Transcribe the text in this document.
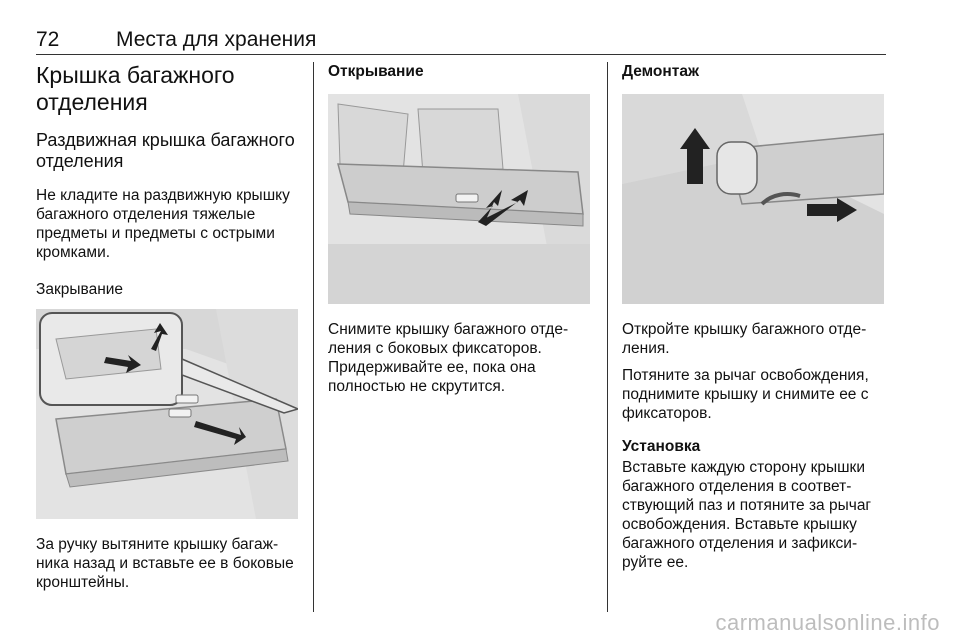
72	Места для хранения
Крышка багажного отделения
Раздвижная крышка багажного отделения

Не кладите на раздвижную крышку багажного отделения тяжелые предметы и предметы с острыми кромками.

Закрывание

За ручку вытяните крышку багажника назад и вставьте ее в боковые кронштейны.

Открывание

Снимите крышку багажного отделения с боковых фиксаторов. Придерживайте ее, пока она полностью не скрутится.

Демонтаж

Откройте крышку багажного отделения.

Потяните за рычаг освобождения, поднимите крышку и снимите ее с фиксаторов.

Установка

Вставьте каждую сторону крышки багажного отделения в соответствующий паз и потяните за рычаг освобождения. Вставьте крышку багажного отделения и зафиксируйте ее.

carmanualsonline.info
